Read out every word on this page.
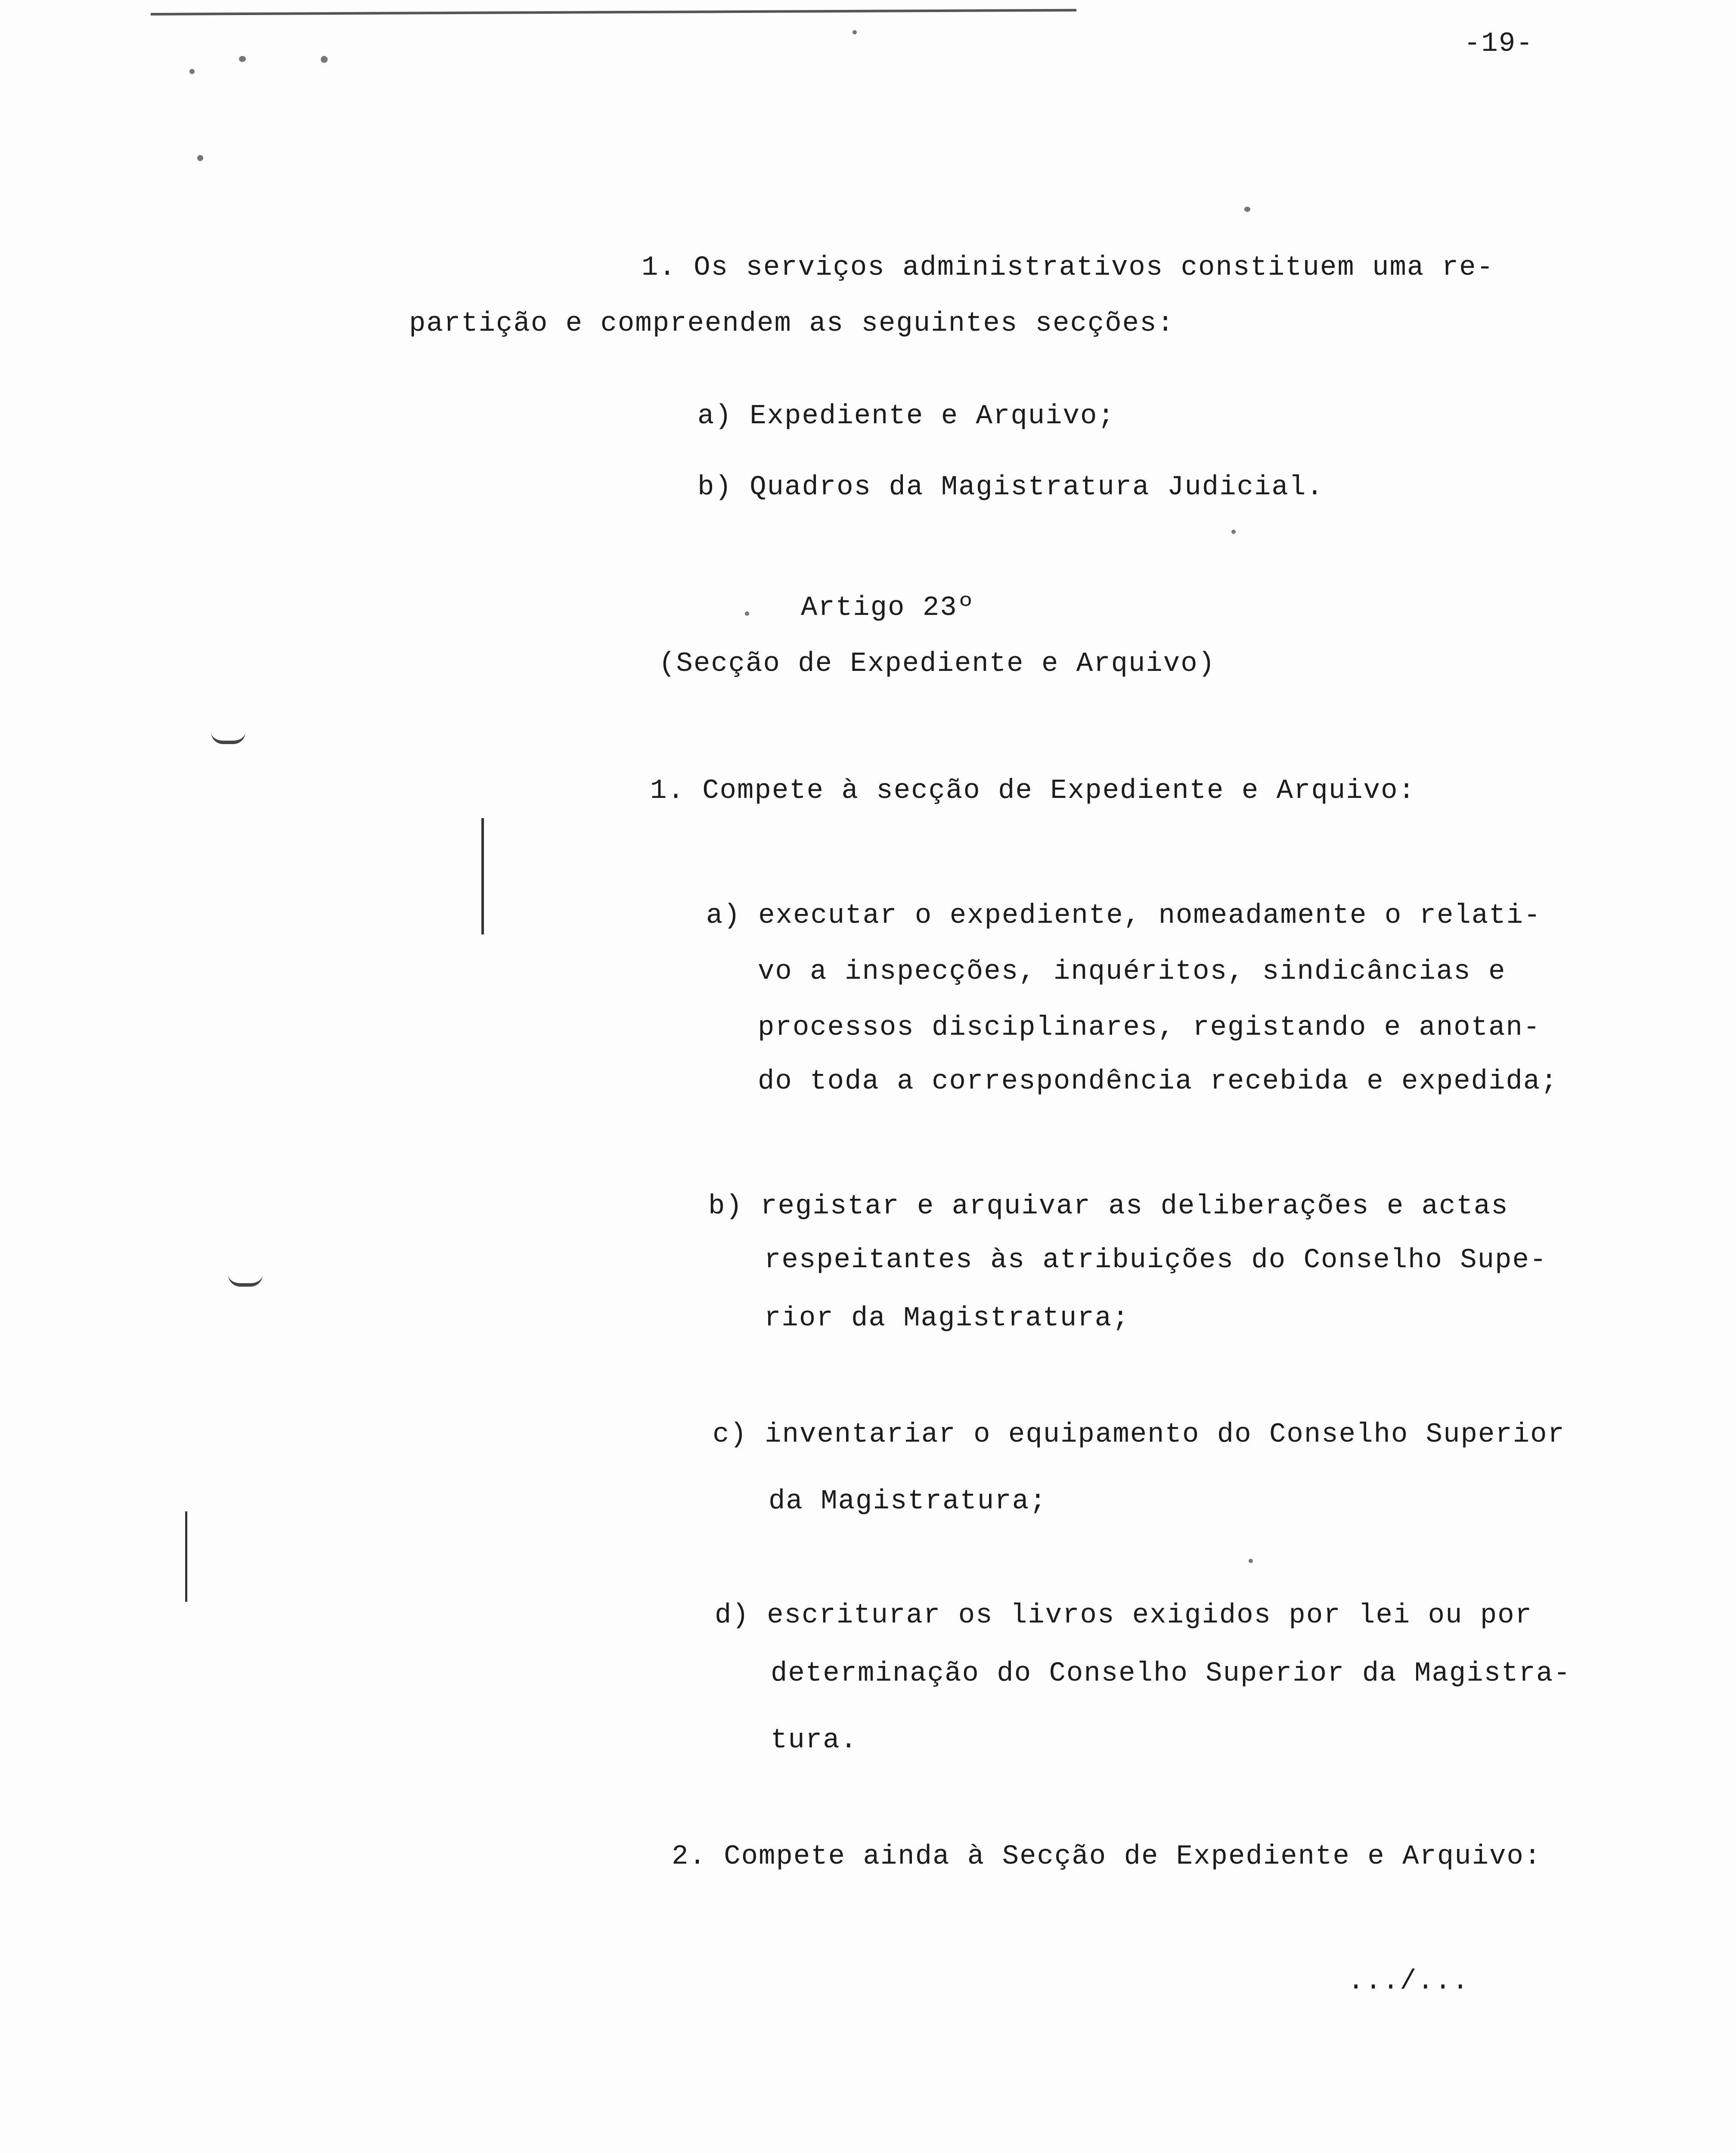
-19-
1. Os serviços administrativos constituem uma re-
partição e compreendem as seguintes secções:
a) Expediente e Arquivo;
b) Quadros da Magistratura Judicial.
Artigo 23º
(Secção de Expediente e Arquivo)
1. Compete à secção de Expediente e Arquivo:
a) executar o expediente, nomeadamente o relati-
vo a inspecções, inquéritos, sindicâncias e
processos disciplinares, registando e anotan-
do toda a correspondência recebida e expedida;
b) registar e arquivar as deliberações e actas
respeitantes às atribuições do Conselho Supe-
rior da Magistratura;
c) inventariar o equipamento do Conselho Superior
da Magistratura;
d) escriturar os livros exigidos por lei ou por
determinação do Conselho Superior da Magistra-
tura.
2. Compete ainda à Secção de Expediente e Arquivo:
.../...
